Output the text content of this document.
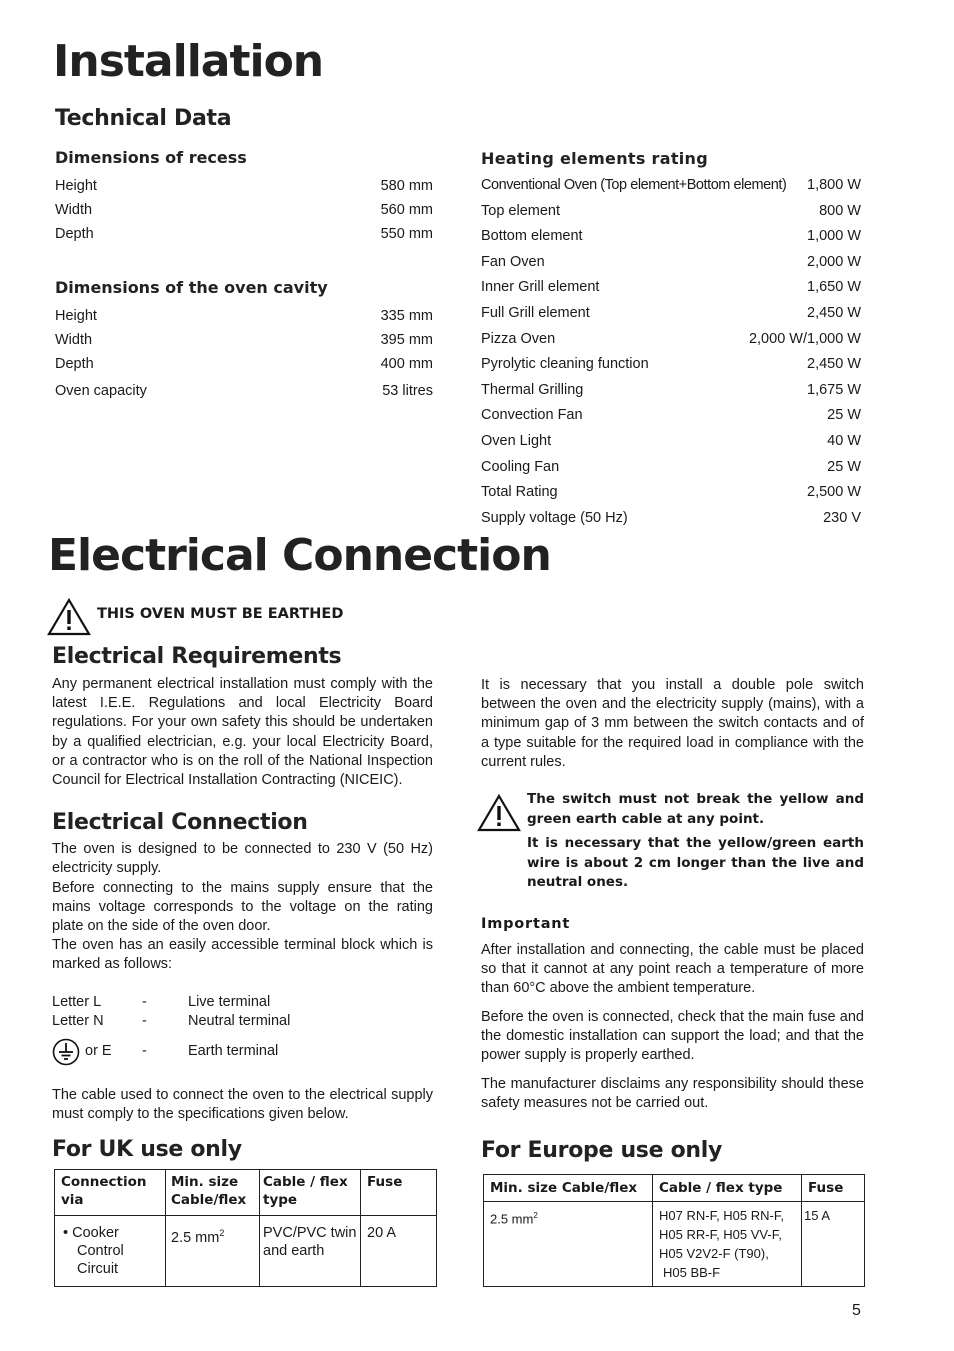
Installation
Technical Data
Dimensions of recess
Height	580 mm
Width	560 mm
Depth	550 mm
Dimensions of the oven cavity
Height	335 mm
Width	395 mm
Depth	400 mm
Oven capacity	53 litres
Heating elements rating
Conventional Oven (Top element+Bottom element) 1,800 W
Top element	800 W
Bottom element	1,000 W
Fan Oven	2,000 W
Inner Grill element	1,650 W
Full Grill element	2,450 W
Pizza Oven	2,000 W/1,000 W
Pyrolytic cleaning function	2,450 W
Thermal Grilling	1,675 W
Convection Fan	25 W
Oven Light	40 W
Cooling Fan	25 W
Total Rating	2,500 W
Supply voltage (50 Hz)	230 V
Electrical Connection
THIS OVEN MUST BE EARTHED
Electrical Requirements
Any permanent electrical installation must comply with the latest I.E.E. Regulations and local Electricity Board regulations. For your own safety this should be undertaken by a qualified electrician, e.g. your local Electricity Board, or a contractor who is on the roll of the National Inspection Council for Electrical Installation Contracting (NICEIC).
Electrical Connection
The oven is designed to be connected to 230 V (50 Hz) electricity supply.
Before connecting to the mains supply ensure that the mains voltage corresponds to the voltage on the rating plate on the side of the oven door.
The oven has an easily accessible terminal block which is marked as follows:
Letter L	-	Live terminal
Letter N	-	Neutral terminal
or E -	Earth terminal
The cable used to connect the oven to the electrical supply must comply to the specifications given below.
For UK use only
Connection via	Min. size Cable/flex	Cable / flex type	Fuse

• Cooker Control Circuit	2.5 $mm^2$	PVC/PVC twin and earth	20 A
It is necessary that you install a double pole switch between the oven and the electricity supply (mains), with a minimum gap of 3 mm between the switch contacts and of a type suitable for the required load in compliance with the current rules.
The switch must not break the yellow and green earth cable at any point.
It is necessary that the yellow/green earth wire is about 2 cm longer than the live and neutral ones.
Important
After installation and connecting, the cable must be placed so that it cannot at any point reach a temperature of more than 60°C above the ambient temperature.
Before the oven is connected, check that the main fuse and the domestic installation can support the load; and that the power supply is properly earthed.
The manufacturer disclaims any responsibility should these safety measures not be carried out.
For Europe use only
Min. size Cable/flex	Cable / flex type	Fuse
2.5 $mm^2$	H07 RN-F, H05 RN-F,
H05 RR-F, H05 VV-F,
H05 V2V2-F (T90),
H05 BB-F	15 A
5
